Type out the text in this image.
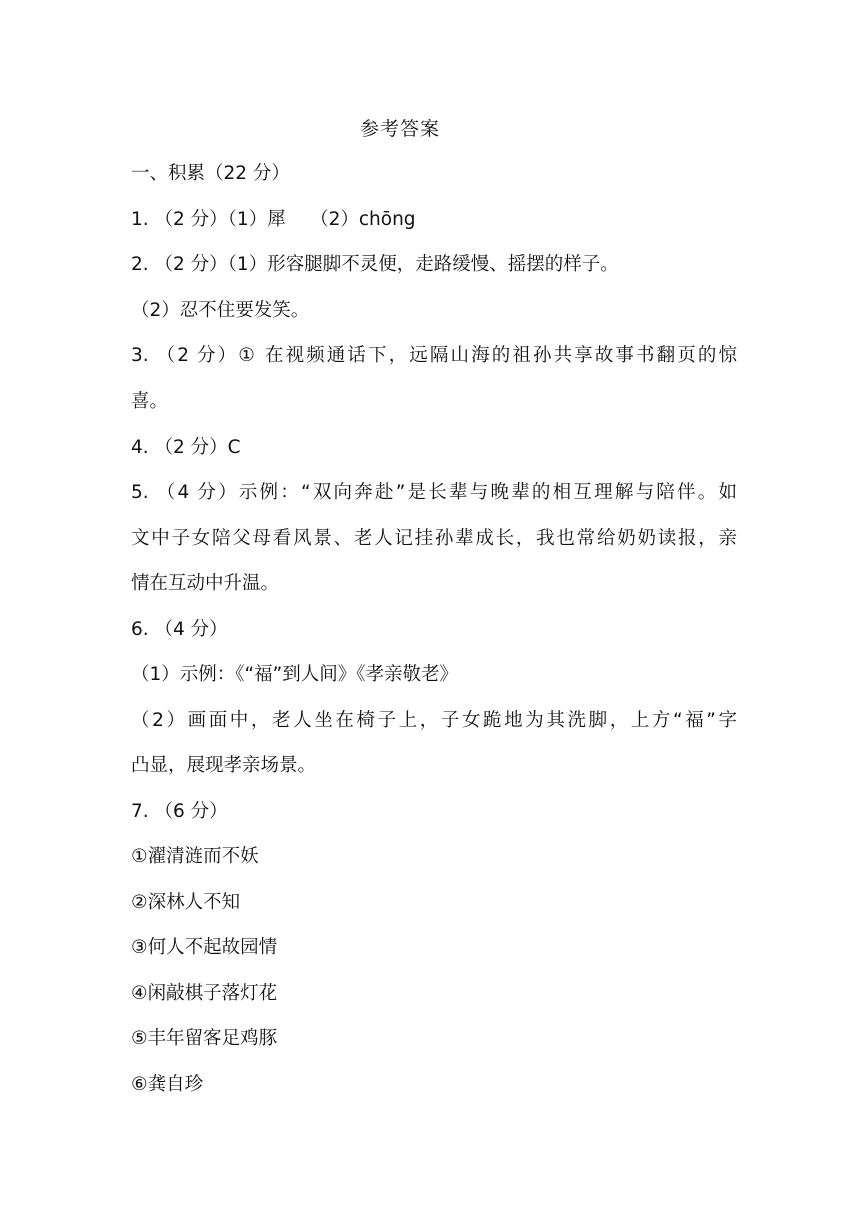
参考答案
一、积累（22 分）
1. （2 分）（1）犀　 （2）chōng
2. （2 分）（1）形容腿脚不灵便，走路缓慢、摇摆的样子。
（2）忍不住要发笑。
3. （2 分）① 在视频通话下，远隔山海的祖孙共享故事书翻页的惊
喜。
4. （2 分）C
5. （4 分）示例：“双向奔赴”是长辈与晚辈的相互理解与陪伴。如
文中子女陪父母看风景、老人记挂孙辈成长，我也常给奶奶读报，亲
情在互动中升温。
6. （4 分）
（1）示例：《“福”到人间》《孝亲敬老》
（2）画面中，老人坐在椅子上，子女跪地为其洗脚，上方“福”字
凸显，展现孝亲场景。
7. （6 分）
①濯清涟而不妖
②深林人不知
③何人不起故园情
④闲敲棋子落灯花
⑤丰年留客足鸡豚
⑥龚自珍
